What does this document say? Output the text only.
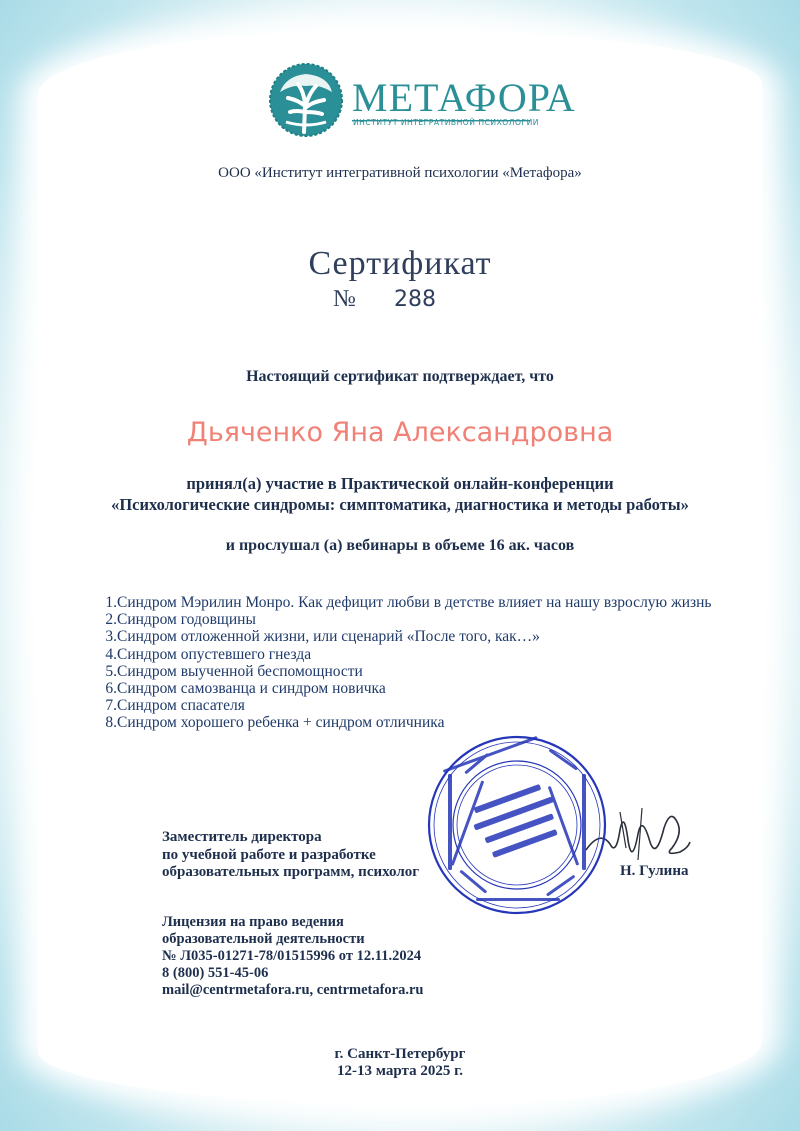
МЕТАФОРА
ИНСТИТУТ ИНТЕГРАТИВНОЙ ПСИХОЛОГИИ
ООО «Институт интегративной психологии «Метафора»
Сертификат
№ 288
Настоящий сертификат подтверждает, что
Дьяченко Яна Александровна
принял(а) участие в Практической онлайн-конференции
«Психологические синдромы: симптоматика, диагностика и методы работы»
и прослушал (а) вебинары в объеме 16 ак. часов
1. Синдром Мэрилин Монро. Как дефицит любви в детстве влияет на нашу взрослую жизнь
2. Синдром годовщины
3. Синдром отложенной жизни, или сценарий «После того, как…»
4. Синдром опустевшего гнезда
5. Синдром выученной беспомощности
6. Синдром самозванца и синдром новичка
7. Синдром спасателя
8. Синдром хорошего ребенка + синдром отличника
Заместитель директора
по учебной работе и разработке
образовательных программ, психолог	Н. Гулина
Лицензия на право ведения
образовательной деятельности
№ Л035-01271-78/01515996 от 12.11.2024
8 (800) 551-45-06
mail@centrmetafora.ru, centrmetafora.ru
г. Санкт-Петербург
12-13 марта 2025 г.
